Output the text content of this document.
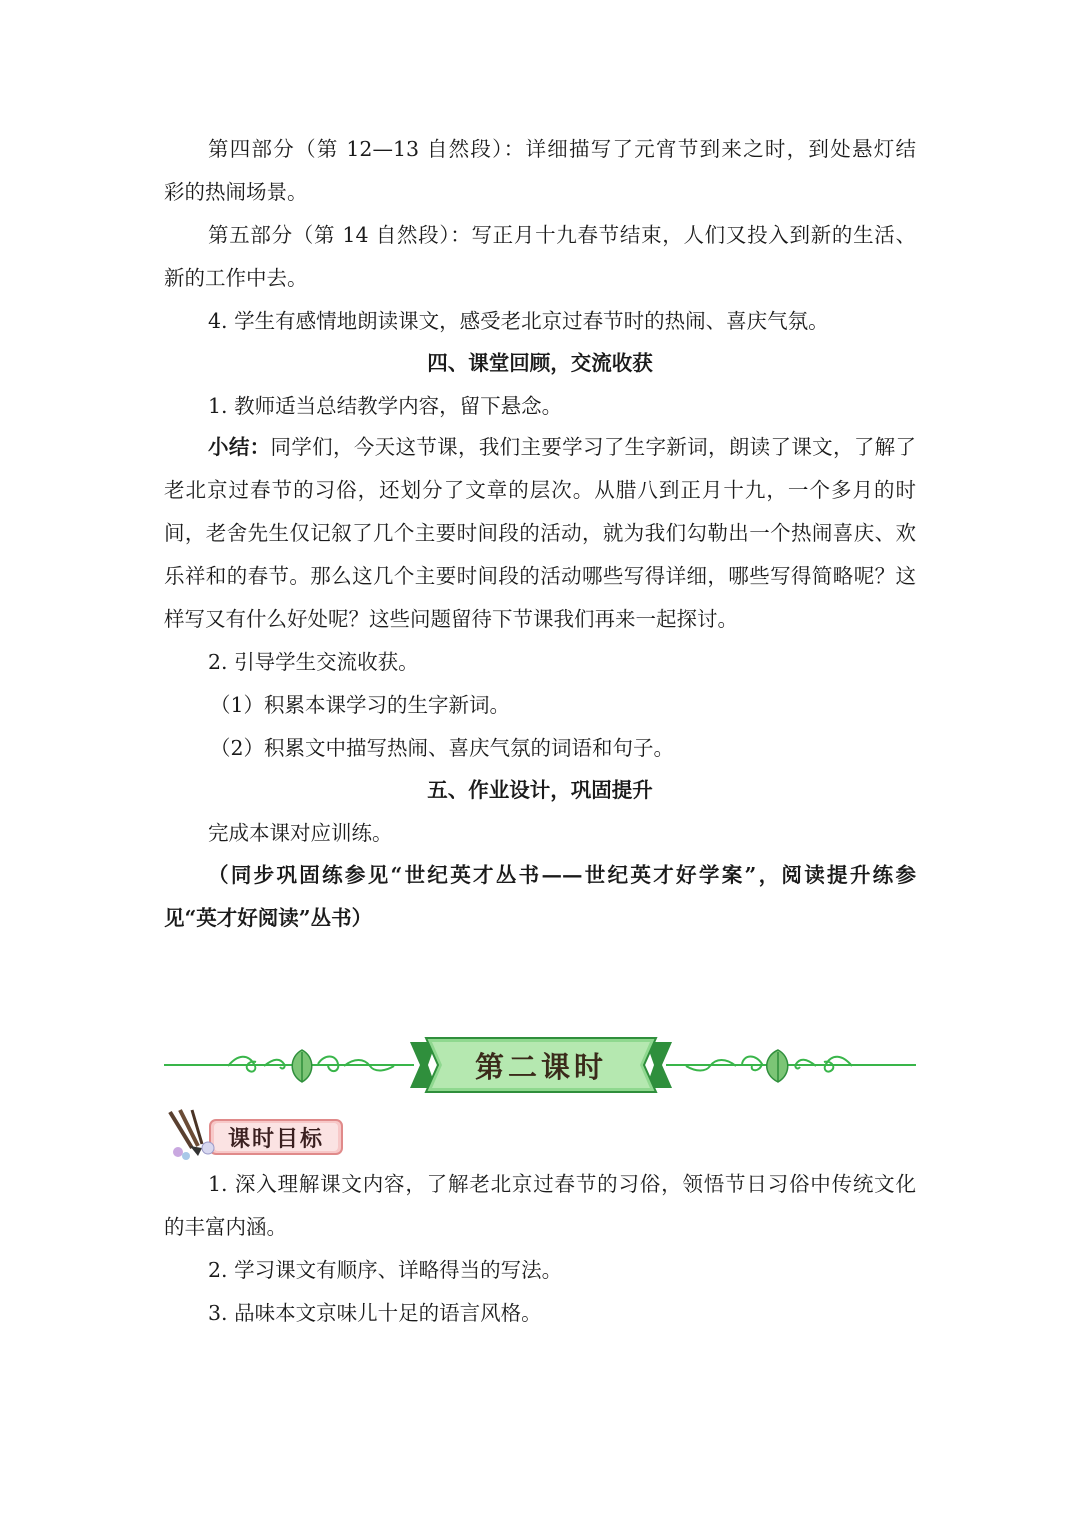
第四部分（第 12—13 自然段）：详细描写了元宵节到来之时，到处悬灯结
彩的热闹场景。
第五部分（第 14 自然段）：写正月十九春节结束，人们又投入到新的生活、
新的工作中去。
4. 学生有感情地朗读课文，感受老北京过春节时的热闹、喜庆气氛。
四、课堂回顾，交流收获
1. 教师适当总结教学内容，留下悬念。
小结：同学们，今天这节课，我们主要学习了生字新词，朗读了课文，了解了老北京过春节的习俗，还划分了文章的层次。从腊八到正月十九，一个多月的时间，老舍先生仅记叙了几个主要时间段的活动，就为我们勾勒出一个热闹喜庆、欢乐祥和的春节。那么这几个主要时间段的活动哪些写得详细，哪些写得简略呢？这样写又有什么好处呢？这些问题留待下节课我们再来一起探讨。
2. 引导学生交流收获。
（1）积累本课学习的生字新词。
（2）积累文中描写热闹、喜庆气氛的词语和句子。
五、作业设计，巩固提升
完成本课对应训练。
（同步巩固练参见“世纪英才丛书——世纪英才好学案”，阅读提升练参
见“英才好阅读”丛书）
第二课时
课时目标
1. 深入理解课文内容，了解老北京过春节的习俗，领悟节日习俗中传统文化
的丰富内涵。
2. 学习课文有顺序、详略得当的写法。
3. 品味本文京味儿十足的语言风格。
